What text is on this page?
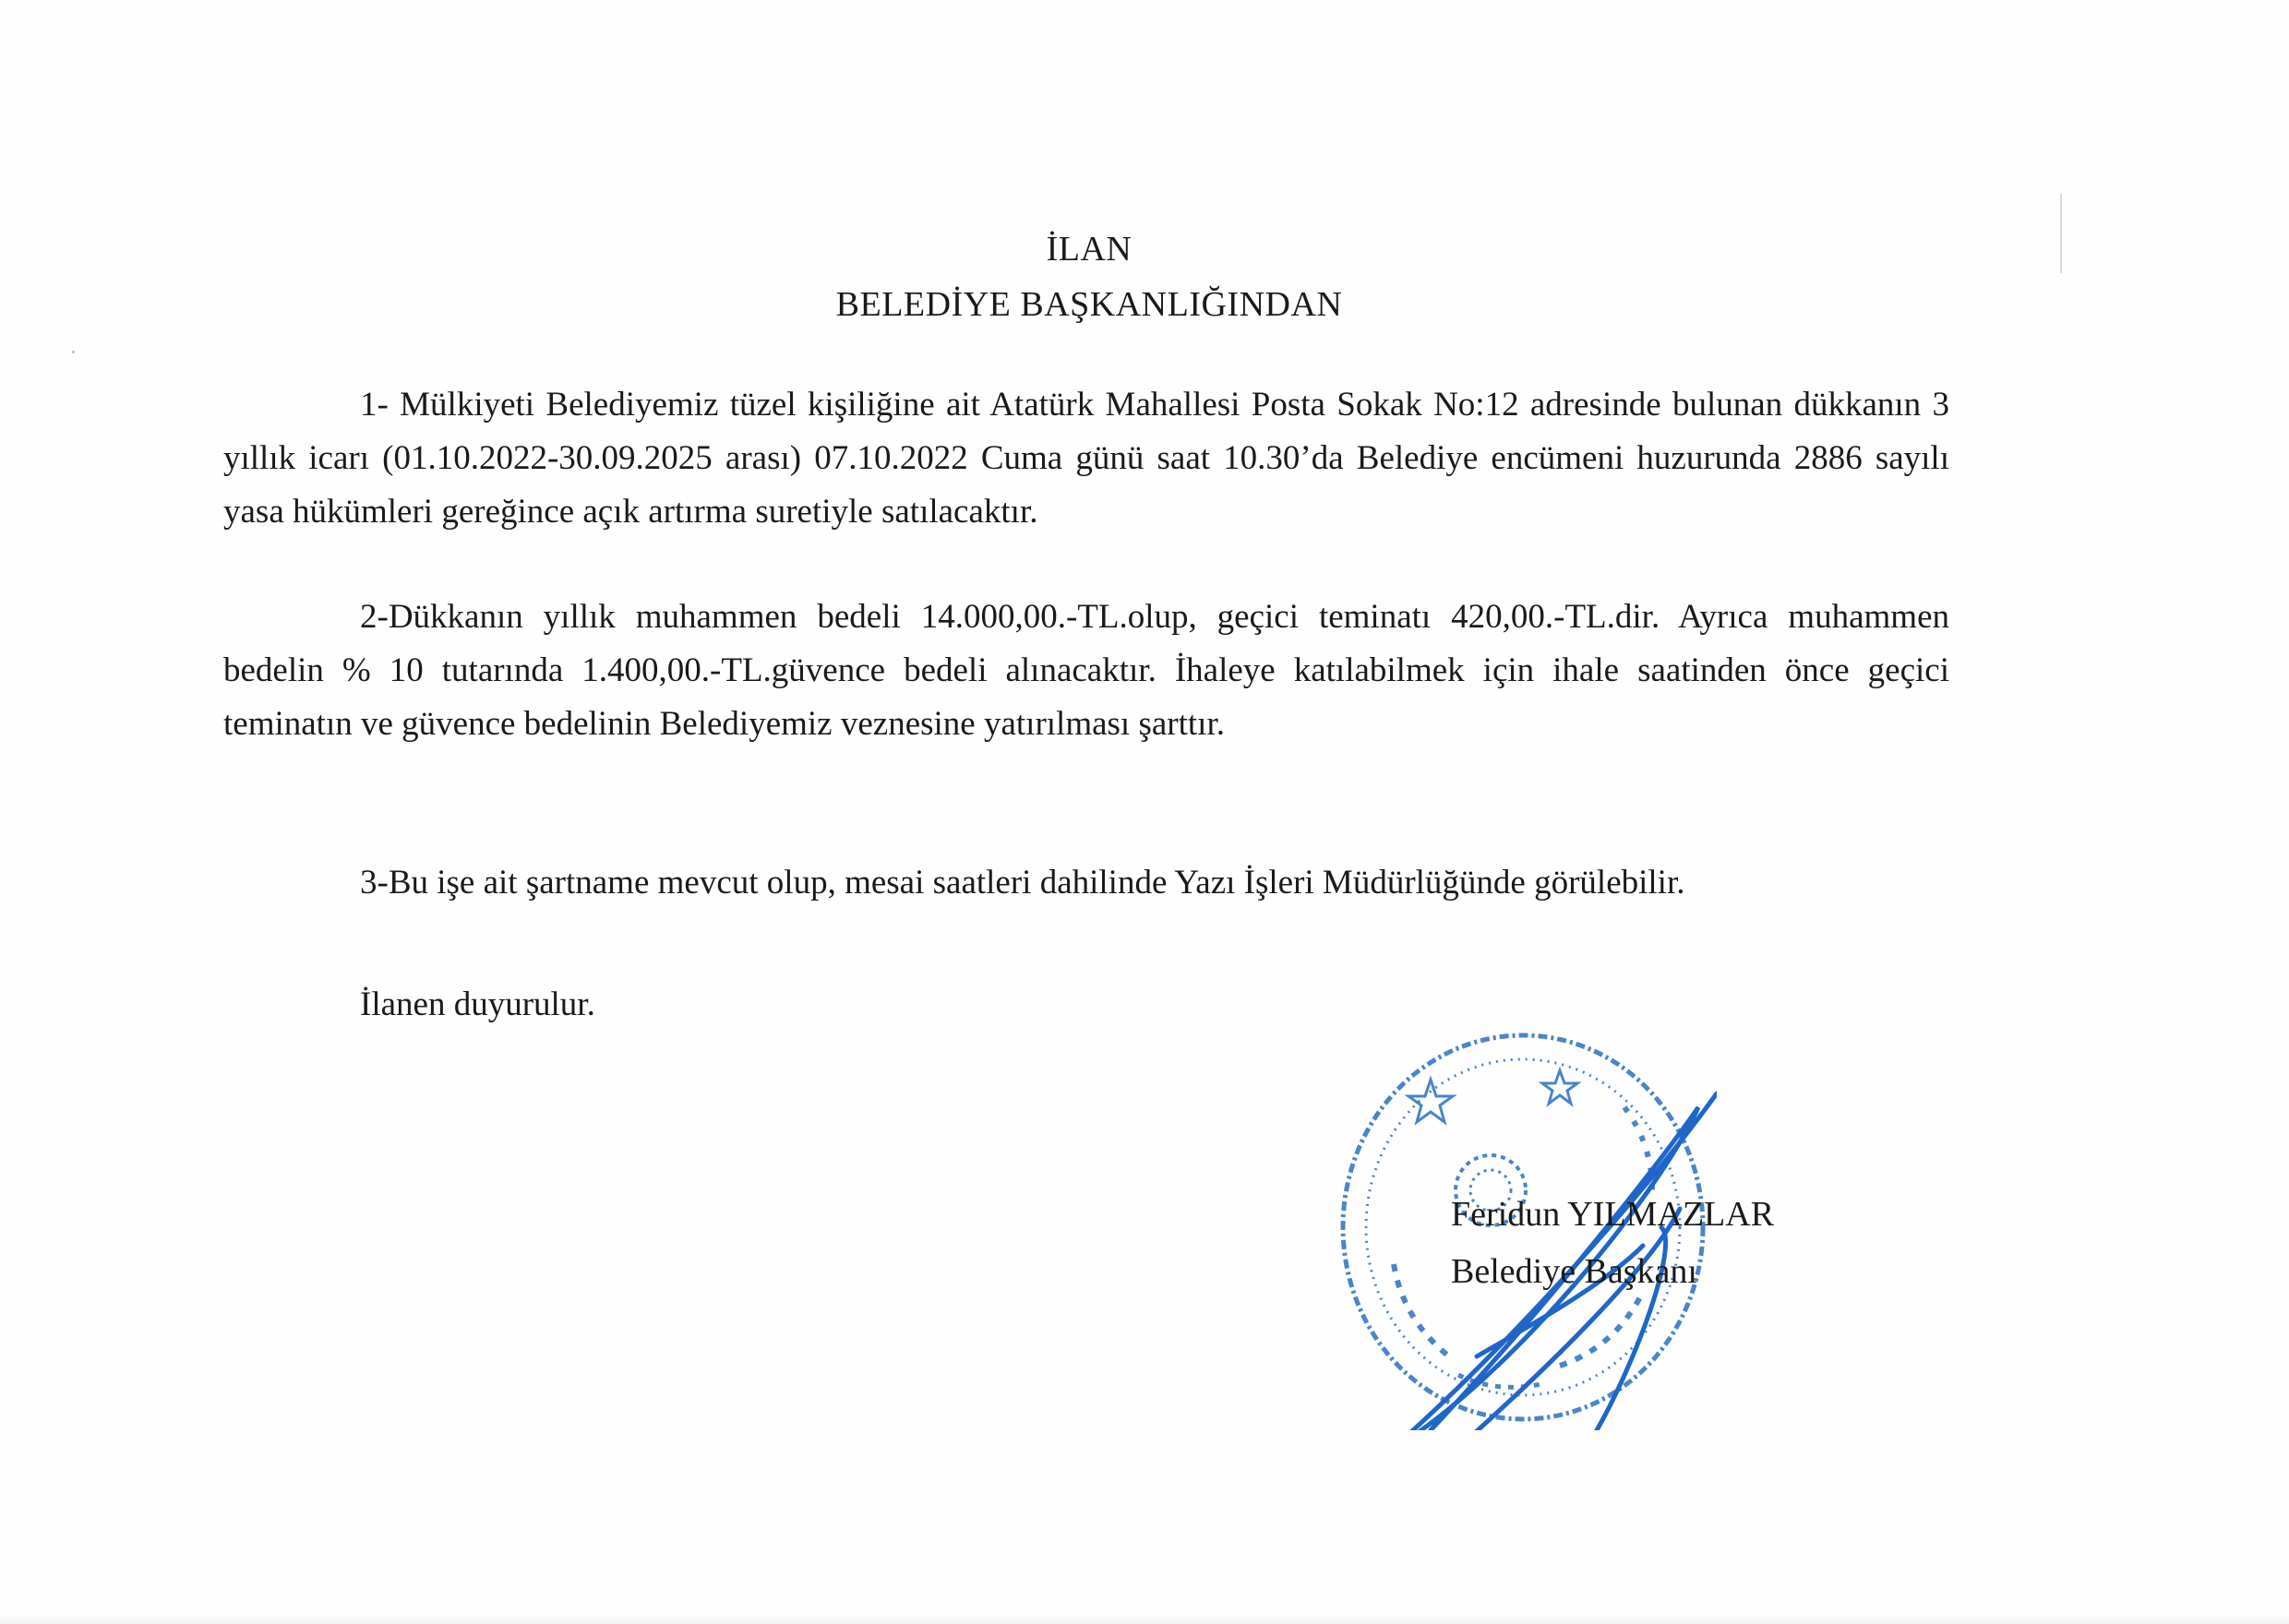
İLAN
BELEDİYE BAŞKANLIĞINDAN

1- Mülkiyeti Belediyemiz tüzel kişiliğine ait Atatürk Mahallesi Posta Sokak No:12 adresinde bulunan dükkanın 3 yıllık icarı (01.10.2022-30.09.2025 arası) 07.10.2022 Cuma günü saat 10.30’da Belediye encümeni huzurunda 2886 sayılı yasa hükümleri gereğince açık artırma suretiyle satılacaktır.

2-Dükkanın yıllık muhammen bedeli 14.000,00.-TL.olup, geçici teminatı 420,00.-TL.dir. Ayrıca muhammen bedelin % 10 tutarında 1.400,00.-TL.güvence bedeli alınacaktır. İhaleye katılabilmek için ihale saatinden önce geçici teminatın ve güvence bedelinin Belediyemiz veznesine yatırılması şarttır.

3-Bu işe ait şartname mevcut olup, mesai saatleri dahilinde Yazı İşleri Müdürlüğünde görülebilir.

İlanen duyurulur.
Feridun YILMAZLAR
Belediye Başkanı
